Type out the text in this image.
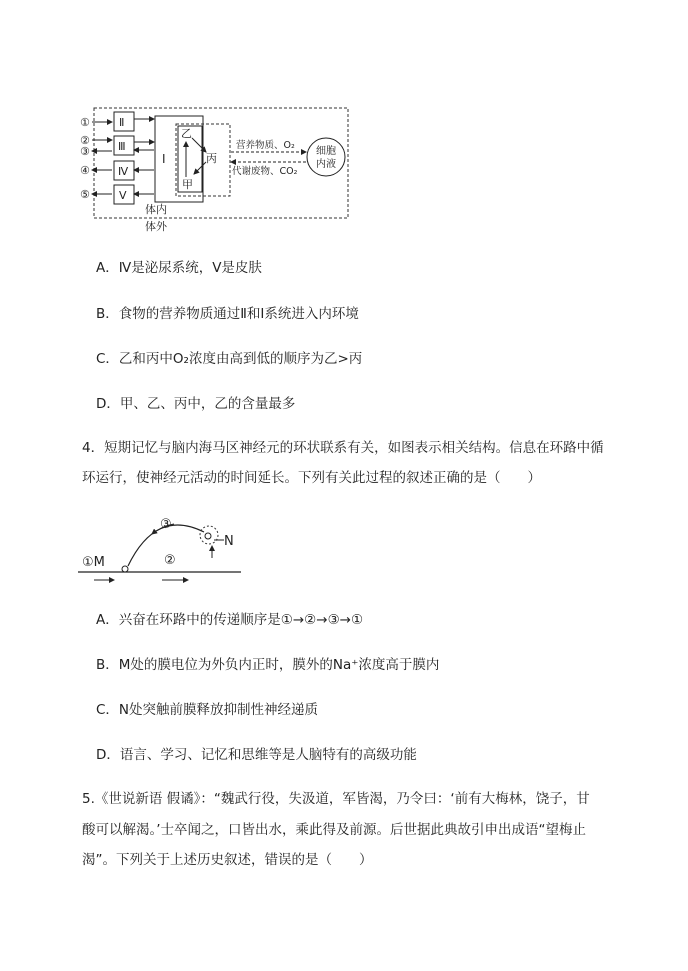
①
②
③
④
⑤
Ⅱ
Ⅲ
Ⅳ
Ⅴ
Ⅰ
乙
丙
甲
营养物质、O₂
代谢废物、CO₂
细胞
内液
体内
体外
A．Ⅳ是泌尿系统，Ⅴ是皮肤
B．食物的营养物质通过Ⅱ和Ⅰ系统进入内环境
C．乙和丙中O₂浓度由高到低的顺序为乙>丙
D．甲、乙、丙中，乙的含量最多
4．短期记忆与脑内海马区神经元的环状联系有关，如图表示相关结构。信息在环路中循
环运行，使神经元活动的时间延长。下列有关此过程的叙述正确的是（　　）
①M	②
③
N
A．兴奋在环路中的传递顺序是①→②→③→①
B．M处的膜电位为外负内正时，膜外的Na⁺浓度高于膜内
C．N处突触前膜释放抑制性神经递质
D．语言、学习、记忆和思维等是人脑特有的高级功能
5.《世说新语 假谲》：“魏武行役，失汲道，军皆渴，乃令曰：‘前有大梅林，饶子，甘
酸可以解渴。’士卒闻之，口皆出水，乘此得及前源。后世据此典故引申出成语“望梅止
渴”。下列关于上述历史叙述，错误的是（　　）
